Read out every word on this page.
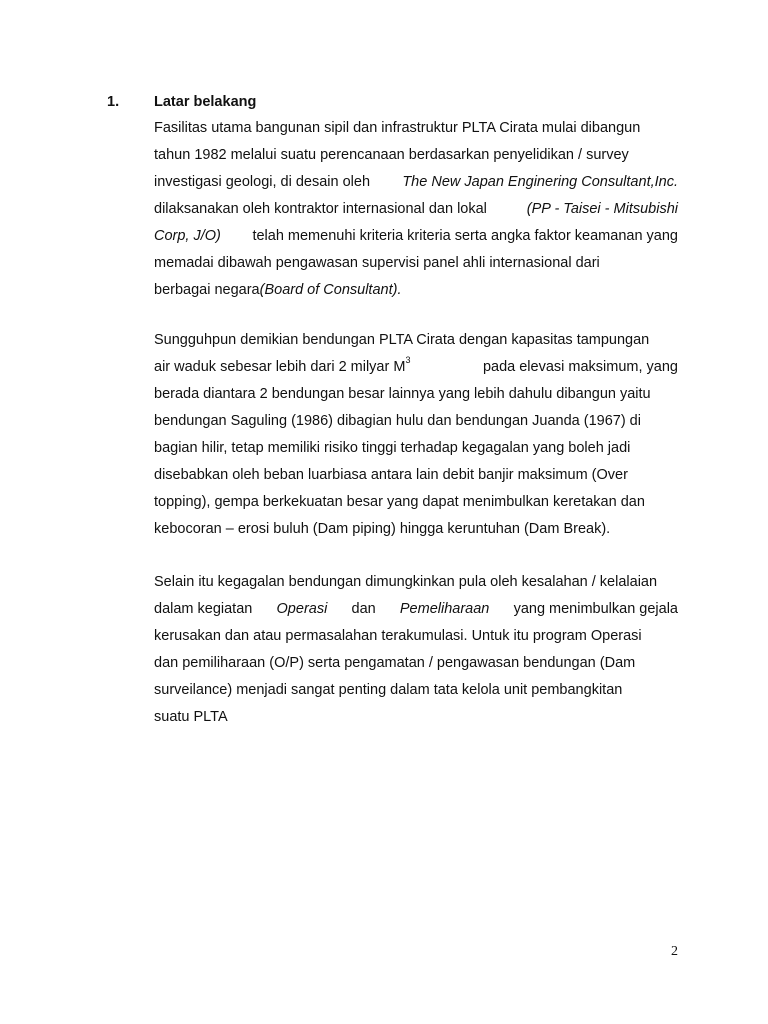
1. Latar belakang
Fasilitas utama bangunan sipil dan infrastruktur PLTA Cirata mulai dibangun
tahun 1982 melalui suatu perencanaan berdasarkan penyelidikan / survey
investigasi geologi, di desain oleh The New Japan Enginering Consultant,Inc.
dilaksanakan oleh kontraktor internasional dan lokal	(PP - Taisei - Mitsubishi
Corp, J/O) telah memenuhi kriteria kriteria serta angka faktor keamanan yang
memadai dibawah pengawasan supervisi panel ahli internasional dari
berbagai negara (Board of Consultant).
Sungguhpun demikian bendungan PLTA Cirata dengan kapasitas tampungan
air waduk sebesar lebih dari 2 milyar $M^3$	pada elevasi maksimum, yang
berada diantara 2 bendungan besar lainnya yang lebih dahulu dibangun yaitu
bendungan Saguling (1986) dibagian hulu dan bendungan Juanda (1967) di
bagian hilir, tetap memiliki risiko tinggi terhadap kegagalan yang boleh jadi
disebabkan oleh beban luarbiasa antara lain debit banjir maksimum (Over
topping), gempa berkekuatan besar yang dapat menimbulkan keretakan dan
kebocoran – erosi buluh (Dam piping) hingga keruntuhan (Dam Break).
Selain itu kegagalan bendungan dimungkinkan pula oleh kesalahan / kelalaian
dalam kegiatan Operasi dan Pemeliharaan yang menimbulkan gejala
kerusakan dan atau permasalahan terakumulasi. Untuk itu program Operasi
dan pemiliharaan (O/P) serta pengamatan / pengawasan bendungan (Dam
surveilance) menjadi sangat penting dalam tata kelola unit pembangkitan
suatu PLTA
2
